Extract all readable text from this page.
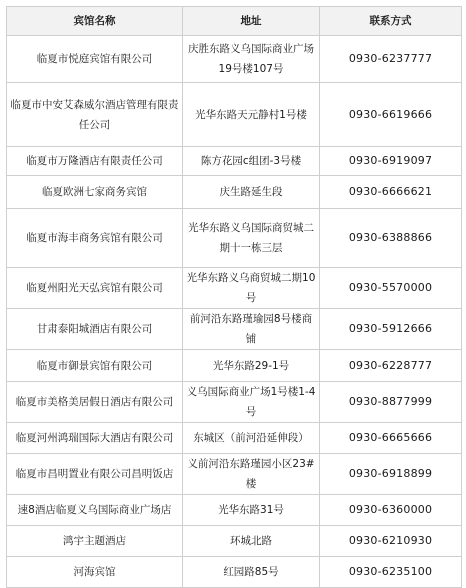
宾馆名称	地址	联系方式
临夏市悦庭宾馆有限公司	庆胜东路义乌国际商业广场19号楼107号	0930-6237777
临夏市中安艾森威尔酒店管理有限责任公司	光华东路天元静村1号楼	0930-6619666
临夏市万隆酒店有限责任公司	陈方花园c组团-3号楼	0930-6919097
临夏欧洲七家商务宾馆	庆生路延生段	0930-6666621
临夏市海丰商务宾馆有限公司	光华东路义乌国际商贸城二期十一栋三层	0930-6388866
临夏州阳光天弘宾馆有限公司	光华东路义乌商贸城二期10号	0930-5570000
甘肃泰阳城酒店有限公司	前河沿东路瑾瑜园8号楼商铺	0930-5912666
临夏市御景宾馆有限公司	光华东路29-1号	0930-6228777
临夏市美格美居假日酒店有限公司	义乌国际商业广场1号楼1-4号	0930-8877999
临夏河州鸿瑞国际大酒店有限公司	东城区（前河沿延伸段）	0930-6665666
临夏市昌明置业有限公司昌明饭店	义前河沿东路瑾园小区23#楼	0930-6918899
速8酒店临夏义乌国际商业广场店	光华东路31号	0930-6360000
鸿宇主题酒店	环城北路	0930-6210930
河海宾馆	红园路85号	0930-6235100
